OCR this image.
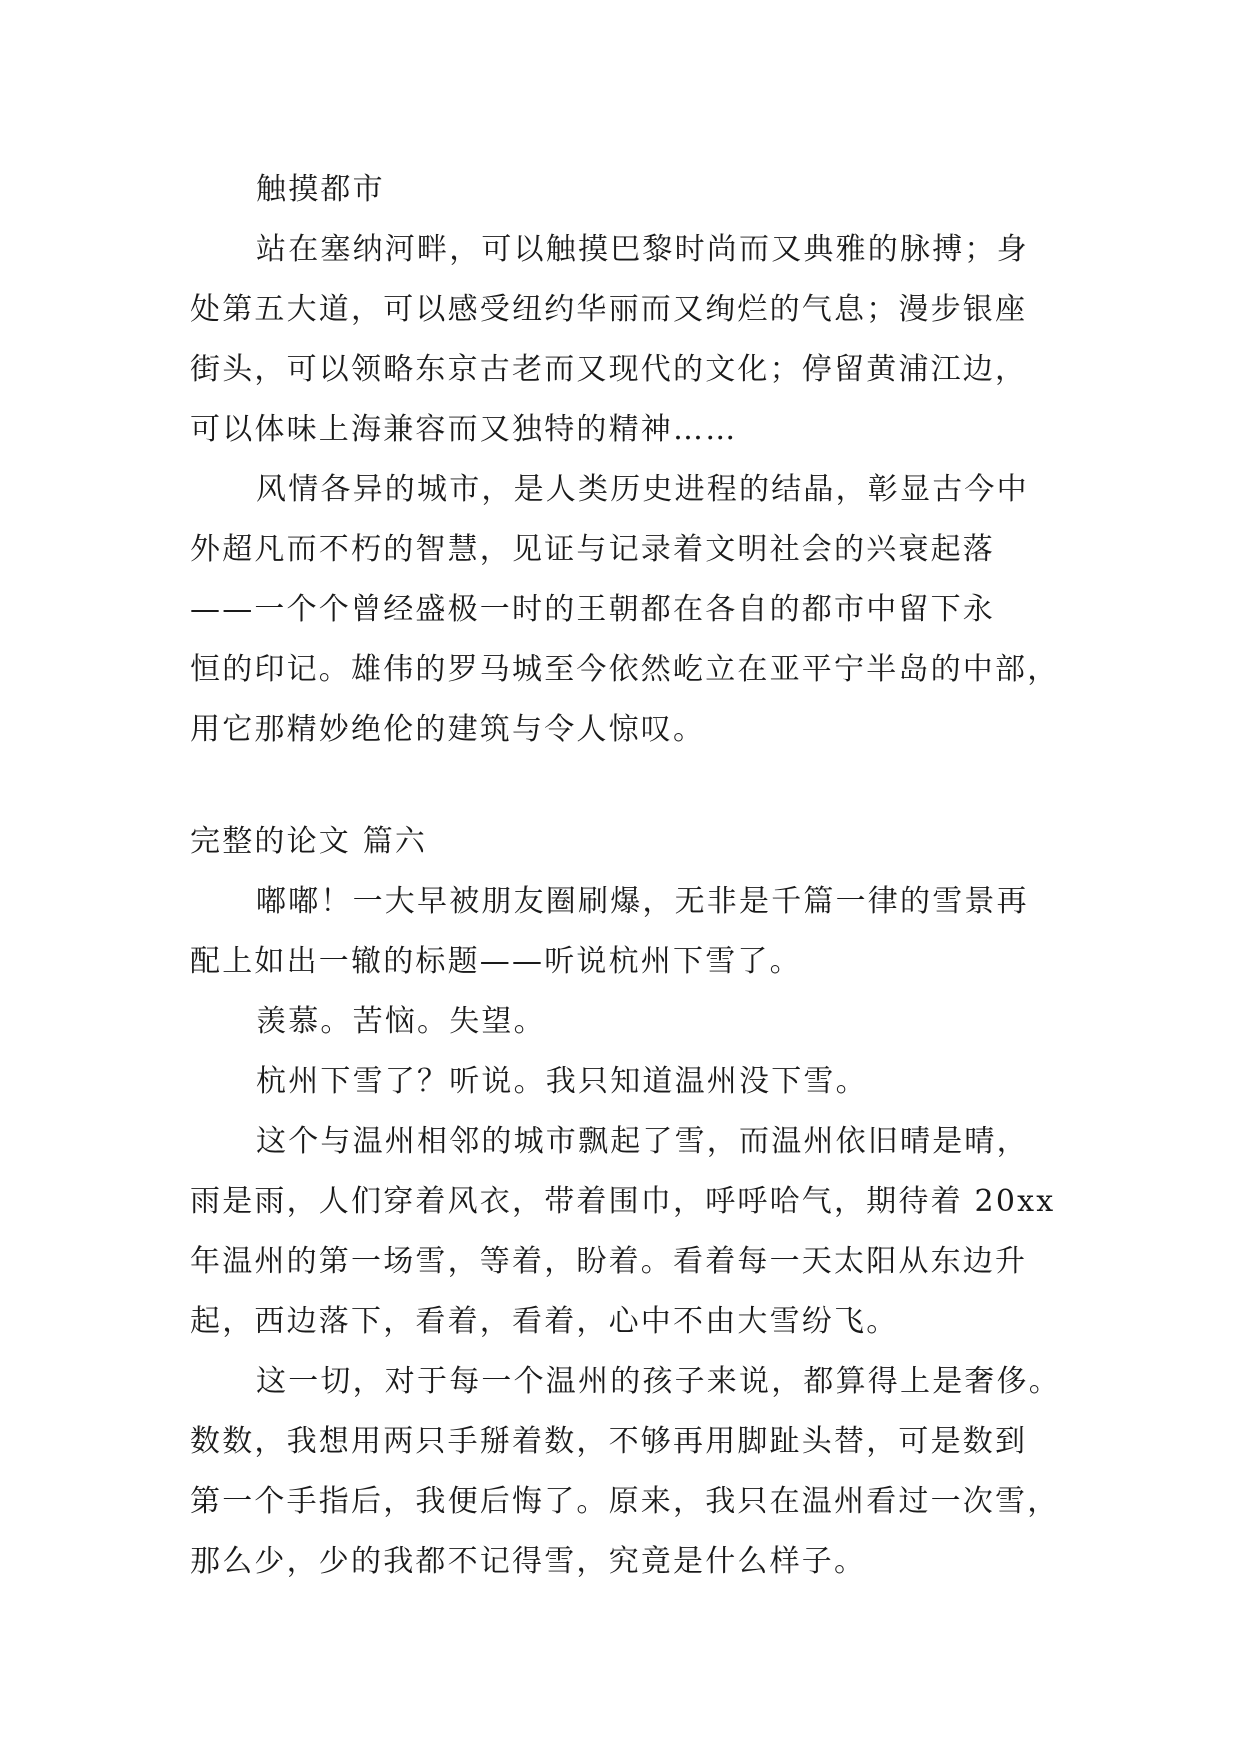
触摸都市
站在塞纳河畔，可以触摸巴黎时尚而又典雅的脉搏；身
处第五大道，可以感受纽约华丽而又绚烂的气息；漫步银座
街头，可以领略东京古老而又现代的文化；停留黄浦江边，
可以体味上海兼容而又独特的精神……
风情各异的城市，是人类历史进程的结晶，彰显古今中
外超凡而不朽的智慧，见证与记录着文明社会的兴衰起落
——一个个曾经盛极一时的王朝都在各自的都市中留下永
恒的印记。雄伟的罗马城至今依然屹立在亚平宁半岛的中部，
用它那精妙绝伦的建筑与令人惊叹。
完整的论文 篇六
嘟嘟！一大早被朋友圈刷爆，无非是千篇一律的雪景再
配上如出一辙的标题——听说杭州下雪了。
羡慕。苦恼。失望。
杭州下雪了？听说。我只知道温州没下雪。
这个与温州相邻的城市飘起了雪，而温州依旧晴是晴，
雨是雨，人们穿着风衣，带着围巾，呼呼哈气，期待着 20xx
年温州的第一场雪，等着，盼着。看着每一天太阳从东边升
起，西边落下，看着，看着，心中不由大雪纷飞。
这一切，对于每一个温州的孩子来说，都算得上是奢侈。
数数，我想用两只手掰着数，不够再用脚趾头替，可是数到
第一个手指后，我便后悔了。原来，我只在温州看过一次雪，
那么少，少的我都不记得雪，究竟是什么样子。
